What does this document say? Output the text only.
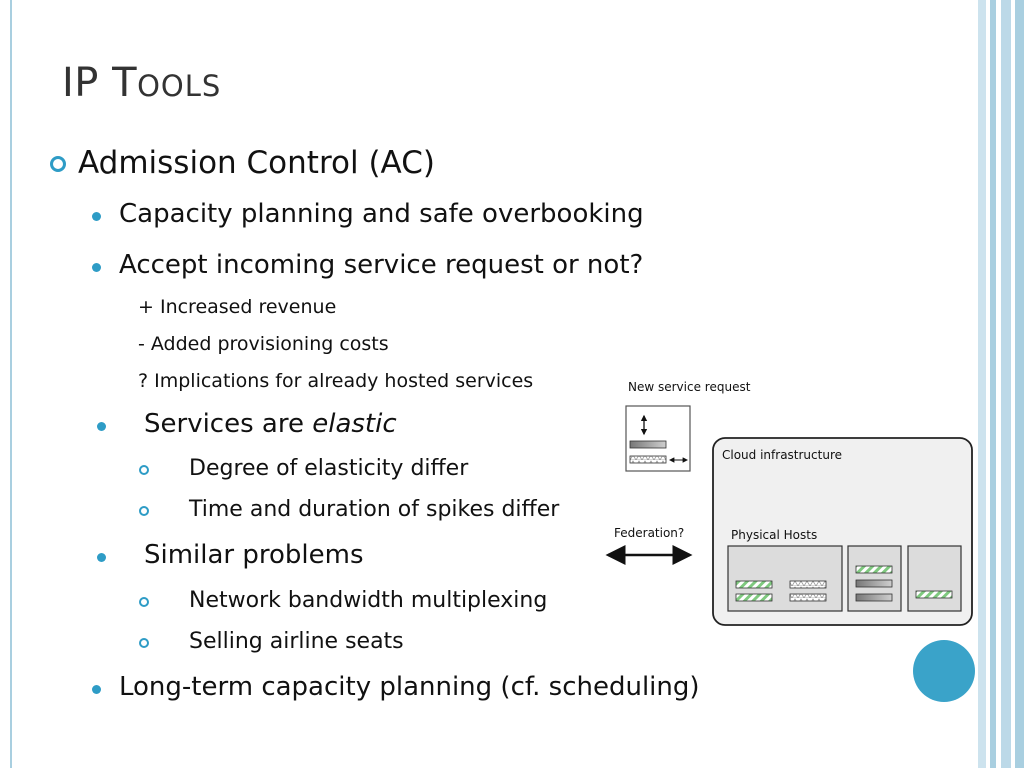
IP TOOLS

Admission Control (AC)

Capacity planning and safe overbooking

Accept incoming service request or not?

+ Increased revenue

- Added provisioning costs

? Implications for already hosted services

Services are elastic

Degree of elasticity differ

Time and duration of spikes differ

Similar problems

Network bandwidth multiplexing

Selling airline seats

Long-term capacity planning (cf. scheduling)

New service request
Federation?
Cloud infrastructure
Physical Hosts
